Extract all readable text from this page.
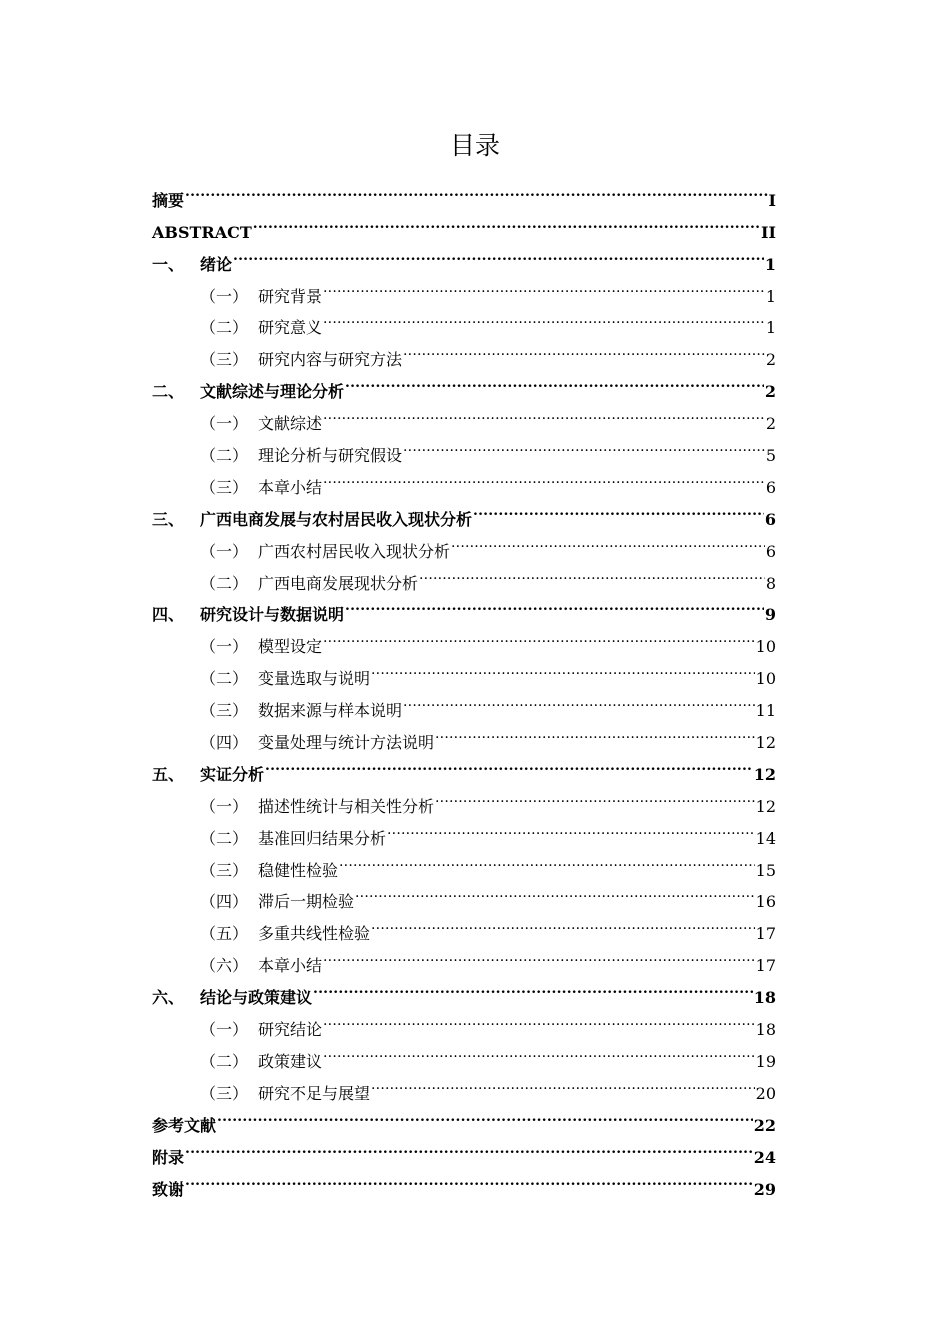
目录
摘要 .....	Ⅰ
ABSTRACT .....	II
一、 绪论 .....	1
（一） 研究背景 .....	1
（二） 研究意义 .....	1
（三） 研究内容与研究方法 .....	2
二、 文献综述与理论分析 .....	2
（一） 文献综述 .....	2
（二） 理论分析与研究假设 .....	5
（三） 本章小结 .....	6
三、 广西电商发展与农村居民收入现状分析 .....	6
（一） 广西农村居民收入现状分析 .....	6
（二） 广西电商发展现状分析 .....	8
四、 研究设计与数据说明 .....	9
（一） 模型设定 .....	10
（二） 变量选取与说明 .....	10
（三） 数据来源与样本说明 .....	11
（四） 变量处理与统计方法说明 .....	12
五、 实证分析 .....	12
（一） 描述性统计与相关性分析 .....	12
（二） 基准回归结果分析 .....	14
（三） 稳健性检验 .....	15
（四） 滞后一期检验 .....	16
（五） 多重共线性检验 .....	17
（六） 本章小结 .....	17
六、 结论与政策建议 .....	18
（一） 研究结论 .....	18
（二） 政策建议 .....	19
（三） 研究不足与展望 .....	20
参考文献 .....	22
附录 .....	24
致谢 .....	29
